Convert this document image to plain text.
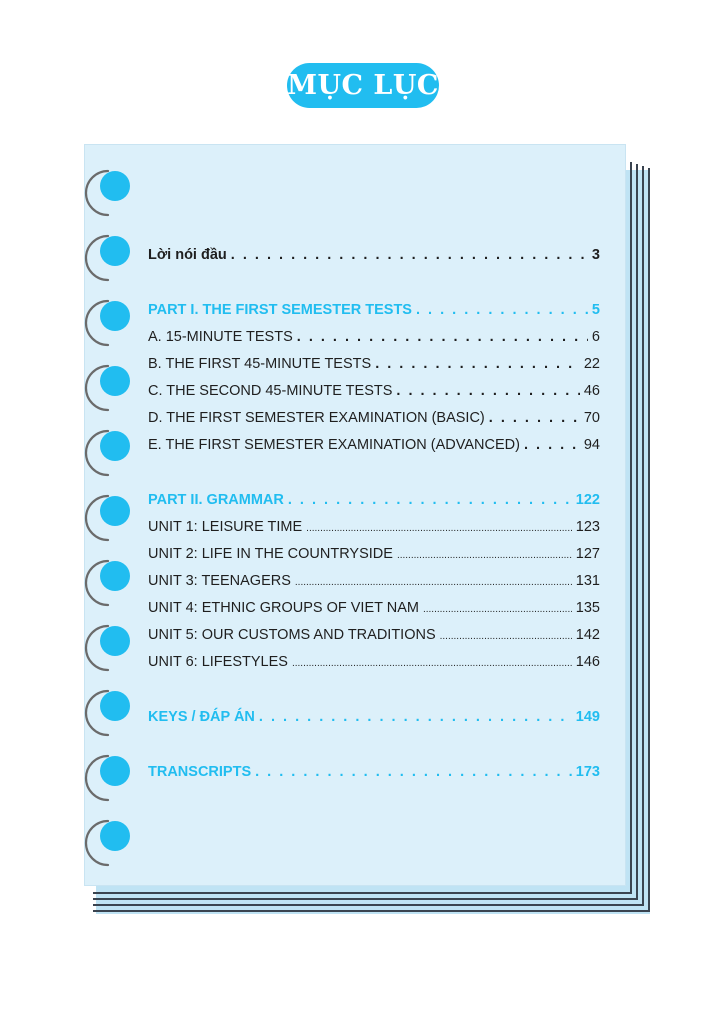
MỤC LỤC
Lời nói đầu . . .	3
PART I. THE FIRST SEMESTER TESTS . . .	5
A. 15-MINUTE TESTS . . .	6
B. THE FIRST 45-MINUTE TESTS . . .	22
C. THE SECOND 45-MINUTE TESTS . . .	46
D. THE FIRST SEMESTER EXAMINATION (BASIC) . . .	70
E. THE FIRST SEMESTER EXAMINATION (ADVANCED) . . .	94
PART II. GRAMMAR . . .	122
UNIT 1: LEISURE TIME .....	123
UNIT 2: LIFE IN THE COUNTRYSIDE .....	127
UNIT 3: TEENAGERS .....	131
UNIT 4: ETHNIC GROUPS OF VIET NAM .....	135
UNIT 5: OUR CUSTOMS AND TRADITIONS .....	142
UNIT 6: LIFESTYLES .....	146
KEYS / ĐÁP ÁN . . .	149
TRANSCRIPTS . . .	173
